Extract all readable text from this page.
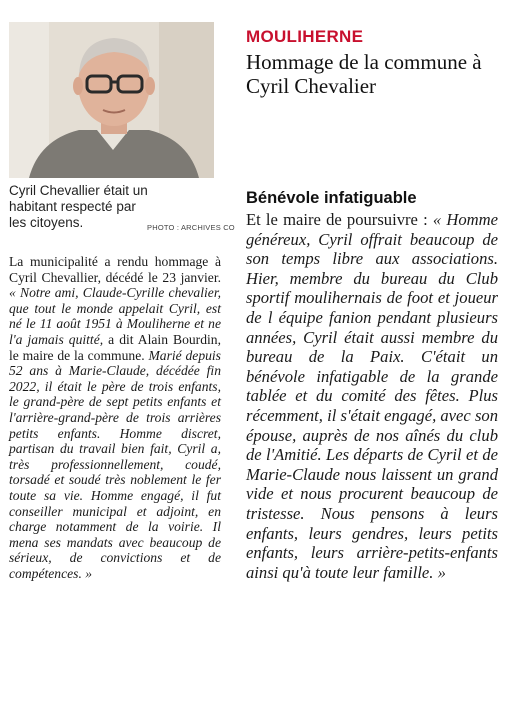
Cyril Chevallier était un habitant respecté par les citoyens.	PHOTO : ARCHIVES CO
MOULIHERNE
Hommage de la commune à Cyril Chevalier
La municipalité a rendu hommage à Cyril Chevallier, décédé le 23 janvier. « Notre ami, Claude-Cyrille chevalier, que tout le monde appelait Cyril, est né le 11 août 1951 à Mouliherne et ne l'a jamais quitté, a dit Alain Bourdin, le maire de la commune. Marié depuis 52 ans à Marie-Claude, décédée fin 2022, il était le père de trois enfants, le grand-père de sept petits enfants et l'arrière-grand-père de trois arrières petits enfants. Homme discret, partisan du travail bien fait, Cyril a, très professionnellement, coudé, torsadé et soudé très noblement le fer toute sa vie. Homme engagé, il fut conseiller municipal et adjoint, en charge notamment de la voirie. Il mena ses mandats avec beaucoup de sérieux, de convictions et de compétences. »
Bénévole infatiguable
Et le maire de poursuivre : « Homme généreux, Cyril offrait beaucoup de son temps libre aux associations. Hier, membre du bureau du Club sportif moulihernais de foot et joueur de l équipe fanion pendant plusieurs années, Cyril était aussi membre du bureau de la Paix. C'était un bénévole infatigable de la grande tablée et du comité des fêtes. Plus récemment, il s'était engagé, avec son épouse, auprès de nos aînés du club de l'Amitié. Les départs de Cyril et de Marie-Claude nous laissent un grand vide et nous procurent beaucoup de tristesse. Nous pensons à leurs enfants, leurs gendres, leurs petits enfants, leurs arrière-petits-enfants ainsi qu'à toute leur famille. »
